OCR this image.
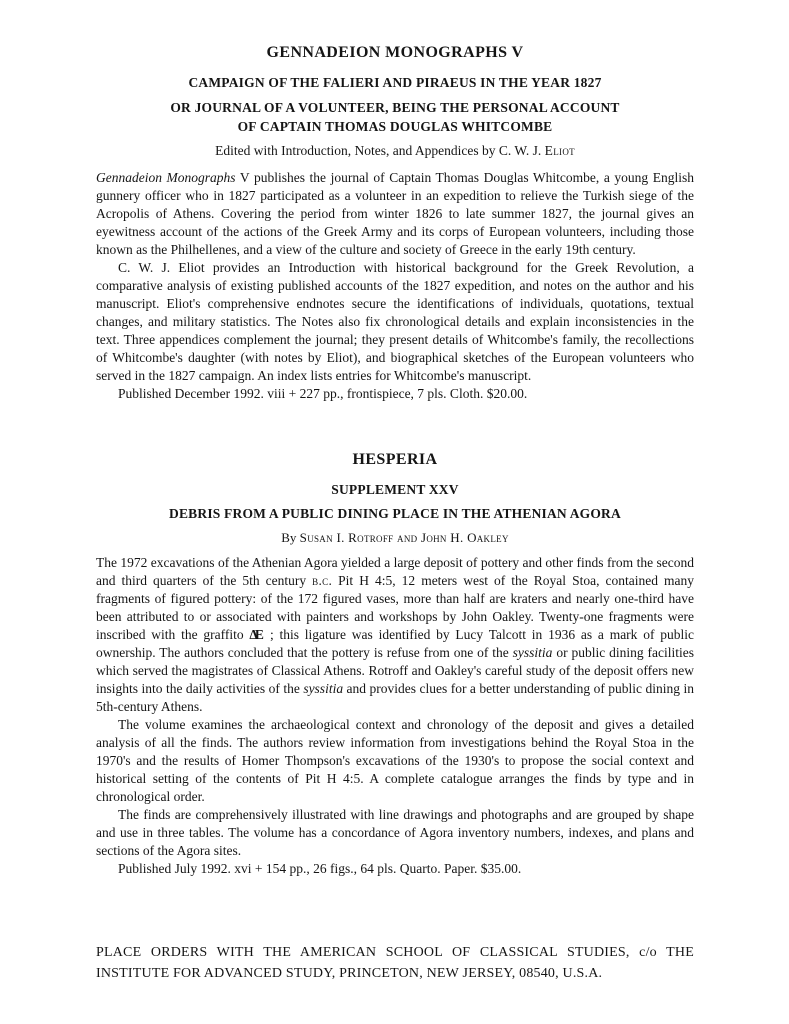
GENNADEION MONOGRAPHS V
CAMPAIGN OF THE FALIERI AND PIRAEUS IN THE YEAR 1827
OR JOURNAL OF A VOLUNTEER, BEING THE PERSONAL ACCOUNT
OF CAPTAIN THOMAS DOUGLAS WHITCOMBE

Edited with Introduction, Notes, and Appendices by C. W. J. Eliot

Gennadeion Monographs V publishes the journal of Captain Thomas Douglas Whitcombe, a young English gunnery officer who in 1827 participated as a volunteer in an expedition to relieve the Turkish siege of the Acropolis of Athens. Covering the period from winter 1826 to late summer 1827, the journal gives an eyewitness account of the actions of the Greek Army and its corps of European volunteers, including those known as the Philhellenes, and a view of the culture and society of Greece in the early 19th century.

C. W. J. Eliot provides an Introduction with historical background for the Greek Revolution, a comparative analysis of existing published accounts of the 1827 expedition, and notes on the author and his manuscript. Eliot's comprehensive endnotes secure the identifications of individuals, quotations, textual changes, and military statistics. The Notes also fix chronological details and explain inconsistencies in the text. Three appendices complement the journal; they present details of Whitcombe's family, the recollections of Whitcombe's daughter (with notes by Eliot), and biographical sketches of the European volunteers who served in the 1827 campaign. An index lists entries for Whitcombe's manuscript.

Published December 1992. viii + 227 pp., frontispiece, 7 pls. Cloth. $20.00.

HESPERIA
SUPPLEMENT XXV
DEBRIS FROM A PUBLIC DINING PLACE IN THE ATHENIAN AGORA

By Susan I. Rotroff and John H. Oakley

The 1972 excavations of the Athenian Agora yielded a large deposit of pottery and other finds from the second and third quarters of the 5th century b.c. Pit H 4:5, 12 meters west of the Royal Stoa, contained many fragments of figured pottery: of the 172 figured vases, more than half are kraters and nearly one-third have been attributed to or associated with painters and workshops by John Oakley. Twenty-one fragments were inscribed with the graffito ΔΕ ; this ligature was identified by Lucy Talcott in 1936 as a mark of public ownership. The authors concluded that the pottery is refuse from one of the syssitia or public dining facilities which served the magistrates of Classical Athens. Rotroff and Oakley's careful study of the deposit offers new insights into the daily activities of the syssitia and provides clues for a better understanding of public dining in 5th-century Athens.

The volume examines the archaeological context and chronology of the deposit and gives a detailed analysis of all the finds. The authors review information from investigations behind the Royal Stoa in the 1970's and the results of Homer Thompson's excavations of the 1930's to propose the social context and historical setting of the contents of Pit H 4:5. A complete catalogue arranges the finds by type and in chronological order.

The finds are comprehensively illustrated with line drawings and photographs and are grouped by shape and use in three tables. The volume has a concordance of Agora inventory numbers, indexes, and plans and sections of the Agora sites.

Published July 1992. xvi + 154 pp., 26 figs., 64 pls. Quarto. Paper. $35.00.

PLACE ORDERS WITH THE AMERICAN SCHOOL OF CLASSICAL STUDIES, c/o THE INSTITUTE FOR ADVANCED STUDY, PRINCETON, NEW JERSEY, 08540, U.S.A.
